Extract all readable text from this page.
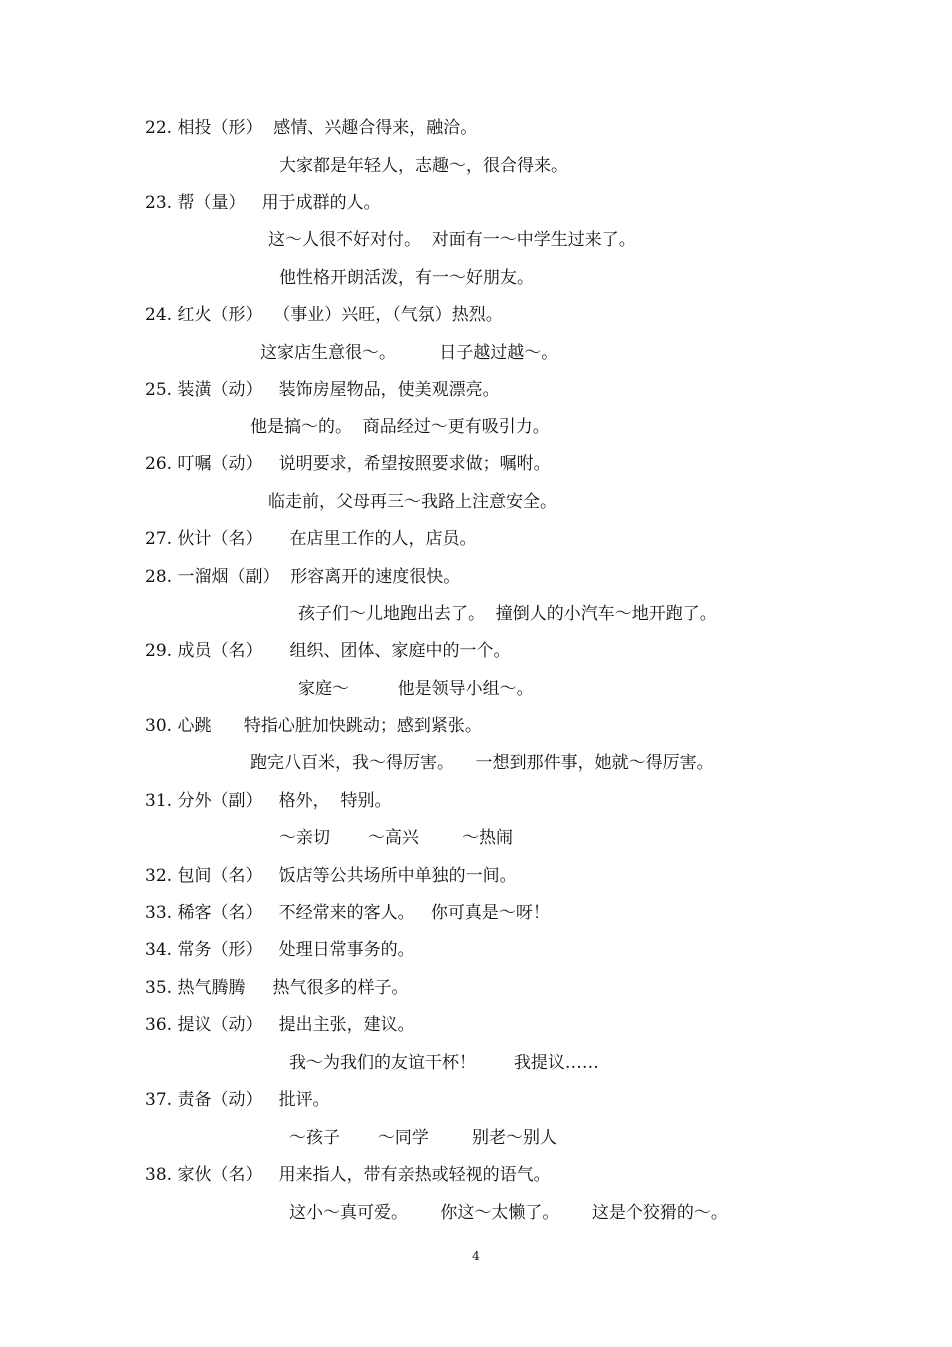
22. 相投（形）  感情、兴趣合得来，融洽。
大家都是年轻人，志趣～，很合得来。
23. 帮（量）   用于成群的人。
这～人很不好对付。  对面有一～中学生过来了。
他性格开朗活泼，有一～好朋友。
24. 红火（形）  （事业）兴旺，（气氛）热烈。
这家店生意很～。        日子越过越～。
25. 装潢（动）   装饰房屋物品，使美观漂亮。
他是搞～的。  商品经过～更有吸引力。
26. 叮嘱（动）   说明要求，希望按照要求做；嘱咐。
临走前，父母再三～我路上注意安全。
27. 伙计（名）     在店里工作的人，店员。
28. 一溜烟（副）  形容离开的速度很快。
孩子们～儿地跑出去了。  撞倒人的小汽车～地开跑了。
29. 成员（名）     组织、团体、家庭中的一个。
家庭～         他是领导小组～。
30. 心跳      特指心脏加快跳动；感到紧张。
跑完八百米，我～得厉害。    一想到那件事，她就～得厉害。
31. 分外（副）   格外，  特别。
～亲切       ～高兴        ～热闹
32. 包间（名）   饭店等公共场所中单独的一间。
33. 稀客（名）   不经常来的客人。   你可真是～呀！
34. 常务（形）   处理日常事务的。
35. 热气腾腾     热气很多的样子。
36. 提议（动）   提出主张，建议。
我～为我们的友谊干杯！       我提议……
37. 责备（动）   批评。
～孩子       ～同学        别老～别人
38. 家伙（名）   用来指人，带有亲热或轻视的语气。
这小～真可爱。      你这～太懒了。      这是个狡猾的～。
4
